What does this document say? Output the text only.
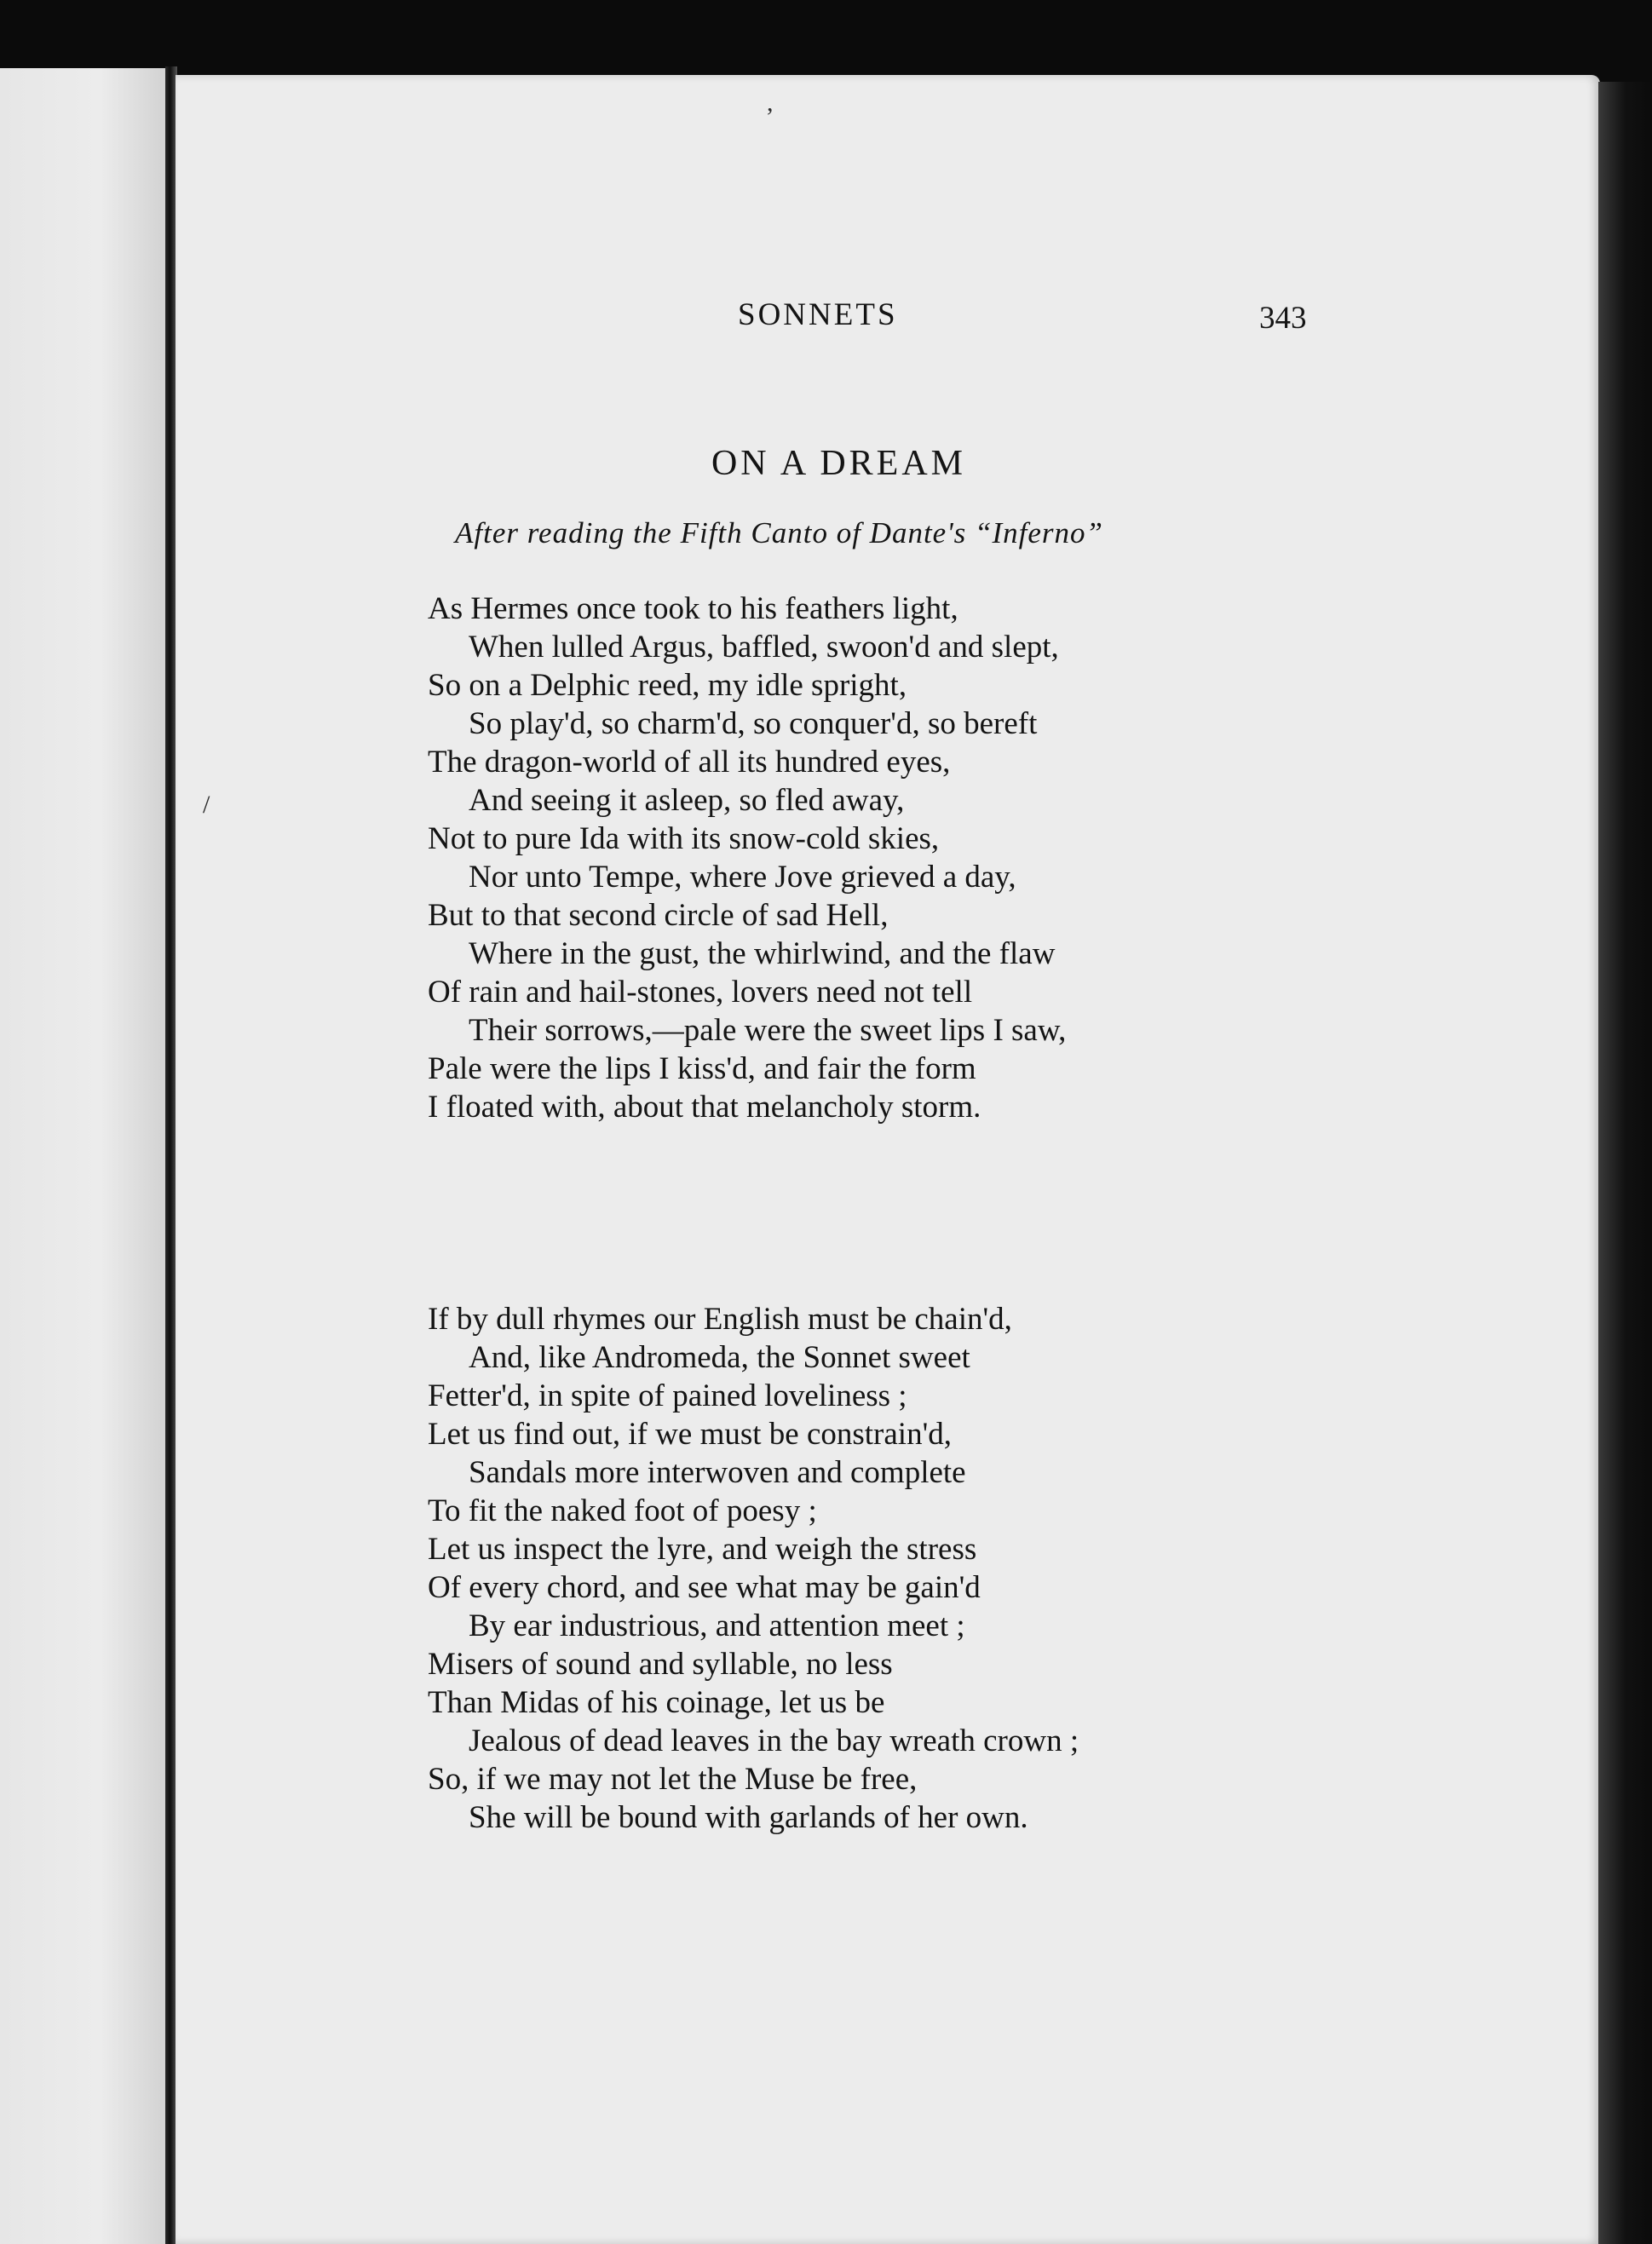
,
/
SONNETS	343
ON A DREAM
After reading the Fifth Canto of Dante's “Inferno”
As Hermes once took to his feathers light,
When lulled Argus, baffled, swoon'd and slept,
So on a Delphic reed, my idle spright,
So play'd, so charm'd, so conquer'd, so bereft
The dragon-world of all its hundred eyes,
And seeing it asleep, so fled away,
Not to pure Ida with its snow-cold skies,
Nor unto Tempe, where Jove grieved a day,
But to that second circle of sad Hell,
Where in the gust, the whirlwind, and the flaw
Of rain and hail-stones, lovers need not tell
Their sorrows,—pale were the sweet lips I saw,
Pale were the lips I kiss'd, and fair the form
I floated with, about that melancholy storm.
If by dull rhymes our English must be chain'd,
And, like Andromeda, the Sonnet sweet
Fetter'd, in spite of pained loveliness ;
Let us find out, if we must be constrain'd,
Sandals more interwoven and complete
To fit the naked foot of poesy ;
Let us inspect the lyre, and weigh the stress
Of every chord, and see what may be gain'd
By ear industrious, and attention meet ;
Misers of sound and syllable, no less
Than Midas of his coinage, let us be
Jealous of dead leaves in the bay wreath crown ;
So, if we may not let the Muse be free,
She will be bound with garlands of her own.
